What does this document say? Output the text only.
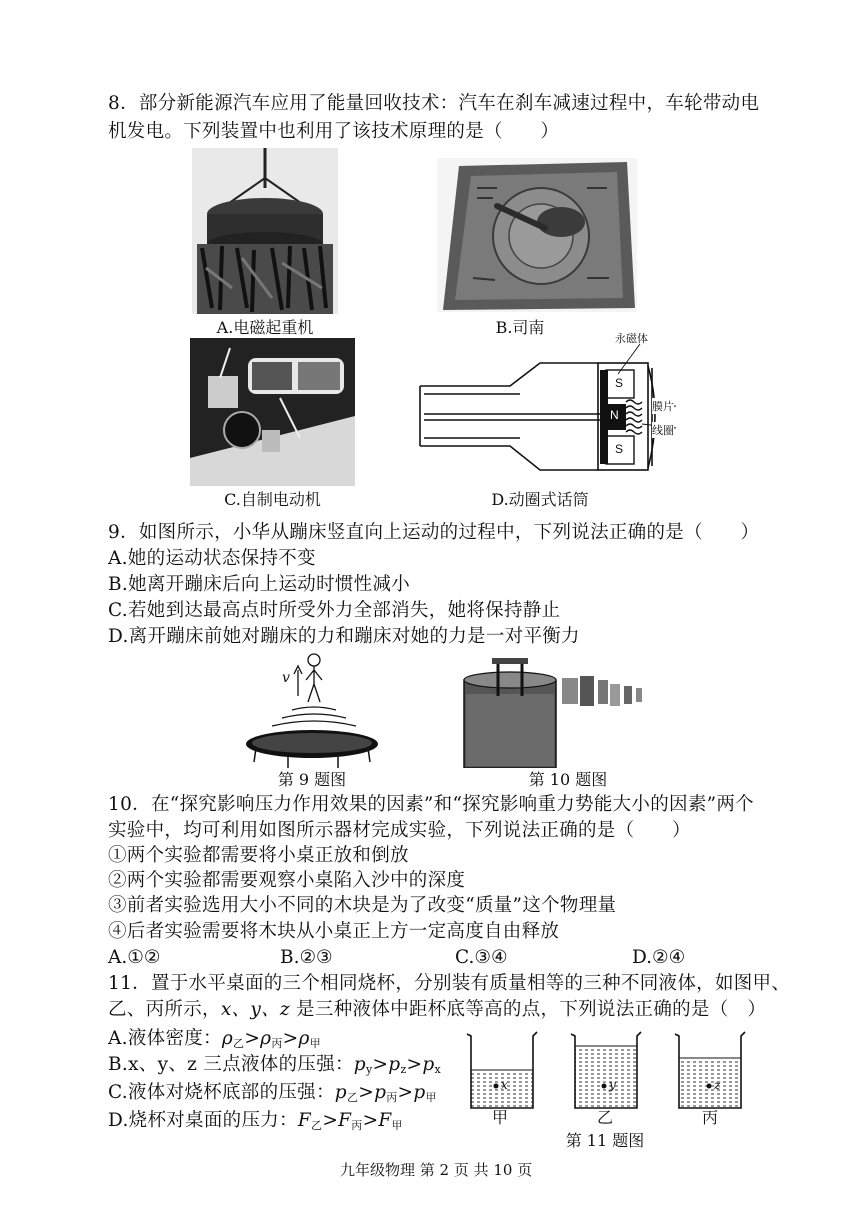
8．部分新能源汽车应用了能量回收技术：汽车在刹车减速过程中，车轮带动电
机发电。下列装置中也利用了该技术原理的是（　　）
A.电磁起重机	B.司南
C.自制电动机
永磁体
膜片
线圈
S
N
S
D.动圈式话筒
9．如图所示，小华从蹦床竖直向上运动的过程中，下列说法正确的是（　　）
A.她的运动状态保持不变
B.她离开蹦床后向上运动时惯性减小
C.若她到达最高点时所受外力全部消失，她将保持静止
D.离开蹦床前她对蹦床的力和蹦床对她的力是一对平衡力
v
第 9 题图	第 10 题图
10．在“探究影响压力作用效果的因素”和“探究影响重力势能大小的因素”两个
实验中，均可利用如图所示器材完成实验，下列说法正确的是（　　）
①两个实验都需要将小桌正放和倒放
②两个实验都需要观察小桌陷入沙中的深度
③前者实验选用大小不同的木块是为了改变“质量”这个物理量
④后者实验需要将木块从小桌正上方一定高度自由释放
A.①②	B.②③	C.③④	D.②④
11．置于水平桌面的三个相同烧杯，分别装有质量相等的三种不同液体，如图甲、
乙、丙所示，x、y、z 是三种液体中距杯底等高的点，下列说法正确的是（　）
A.液体密度：$\rho_乙>\rho_丙>\rho_甲$
B.x、y、z 三点液体的压强：$p_y>p_z>p_x$
C.液体对烧杯底部的压强：$p_乙>p_丙>p_甲$
D.烧杯对桌面的压力：$F_乙>F_丙>F_甲$
x	y	z
甲	乙	丙
第 11 题图
九年级物理 第 2 页 共 10 页
